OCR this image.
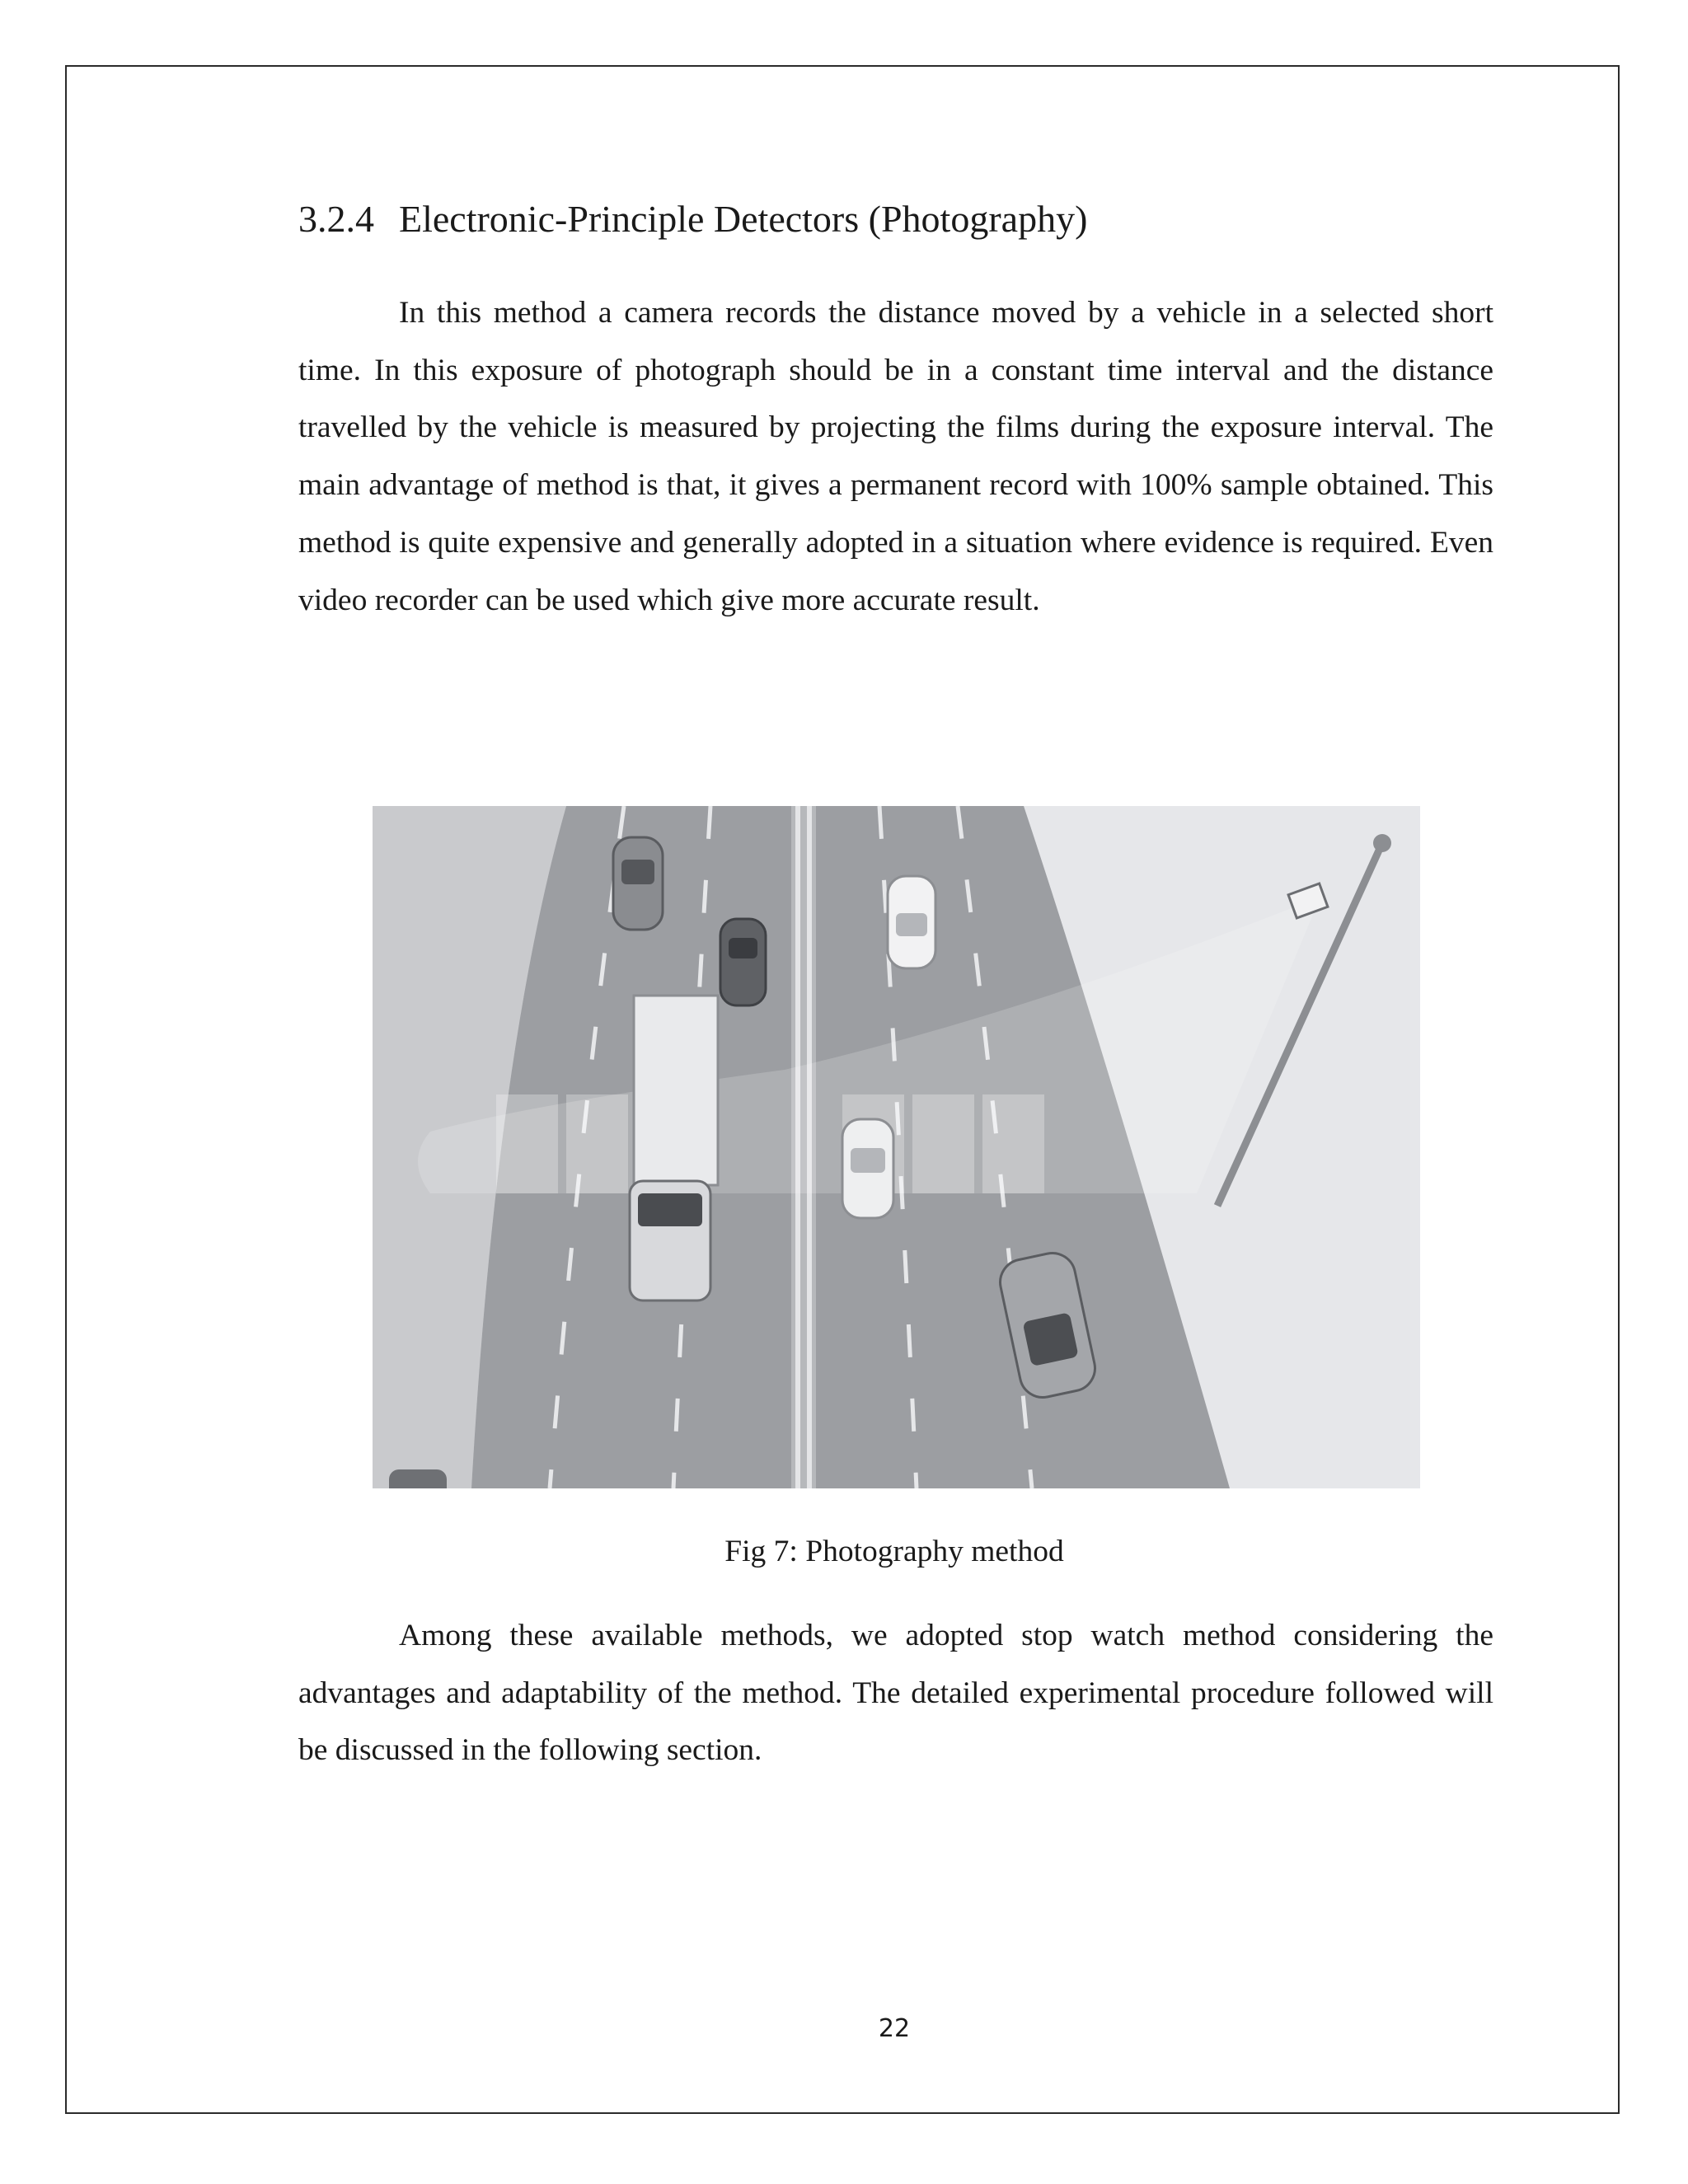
3.2.4 Electronic-Principle Detectors (Photography)

In this method a camera records the distance moved by a vehicle in a selected short time. In this exposure of photograph should be in a constant time interval and the distance travelled by the vehicle is measured by projecting the films during the exposure interval. The main advantage of method is that, it gives a permanent record with 100% sample obtained. This method is quite expensive and generally adopted in a situation where evidence is required. Even video recorder can be used which give more accurate result.

Fig 7: Photography method

Among these available methods, we adopted stop watch method considering the advantages and adaptability of the method. The detailed experimental procedure followed will be discussed in the following section.

22
